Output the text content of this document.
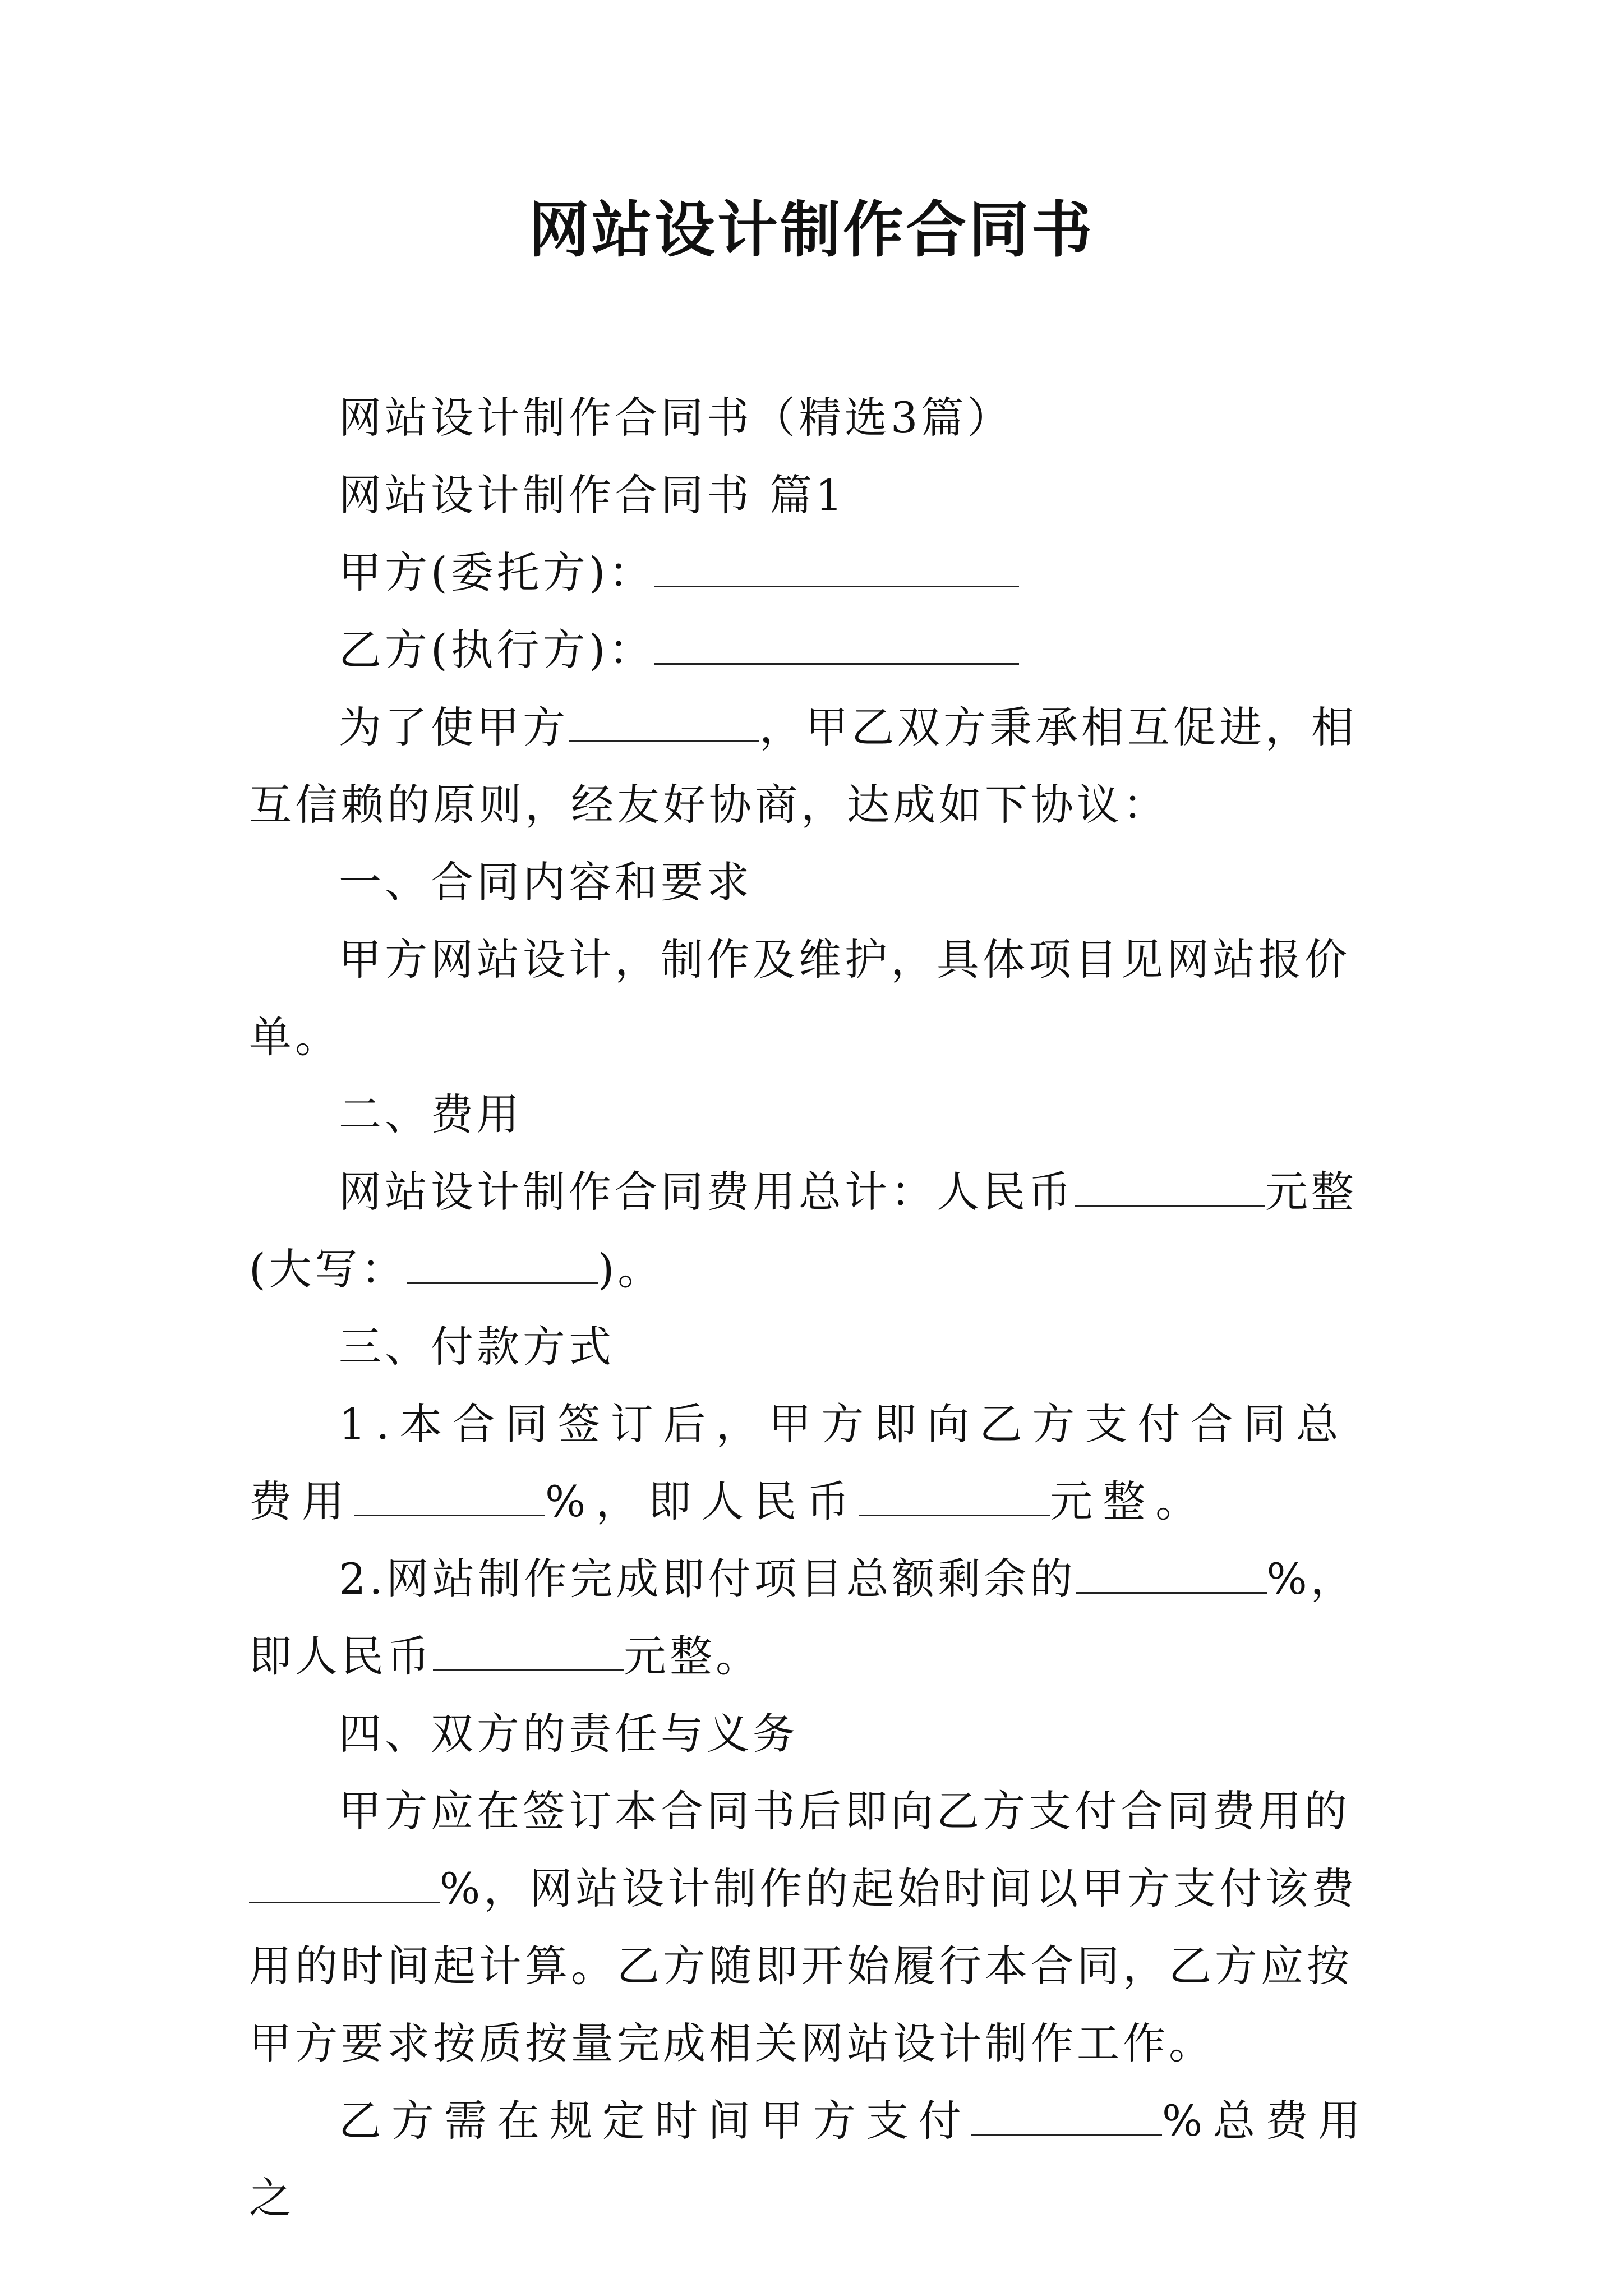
网站设计制作合同书

网站设计制作合同书（精选3篇）

网站设计制作合同书 篇1

甲方(委托方)：

乙方(执行方)：

为了使甲方	，甲乙双方秉承相互促进，相互信赖的原则，经友好协商，达成如下协议：

一、合同内容和要求

甲方网站设计，制作及维护，具体项目见网站报价单。

二、费用

网站设计制作合同费用总计：人民币	元整(大写：	)。

三、付款方式

1.本合同签订后，甲方即向乙方支付合同总费用	%，即人民币	元整。

2.网站制作完成即付项目总额剩余的	%，即人民币	元整。

四、双方的责任与义务

甲方应在签订本合同书后即向乙方支付合同费用的%，网站设计制作的起始时间以甲方支付该费用的时间起计算。乙方随即开始履行本合同，乙方应按甲方要求按质按量完成相关网站设计制作工作。

乙方需在规定时间甲方支付	%总费用之
